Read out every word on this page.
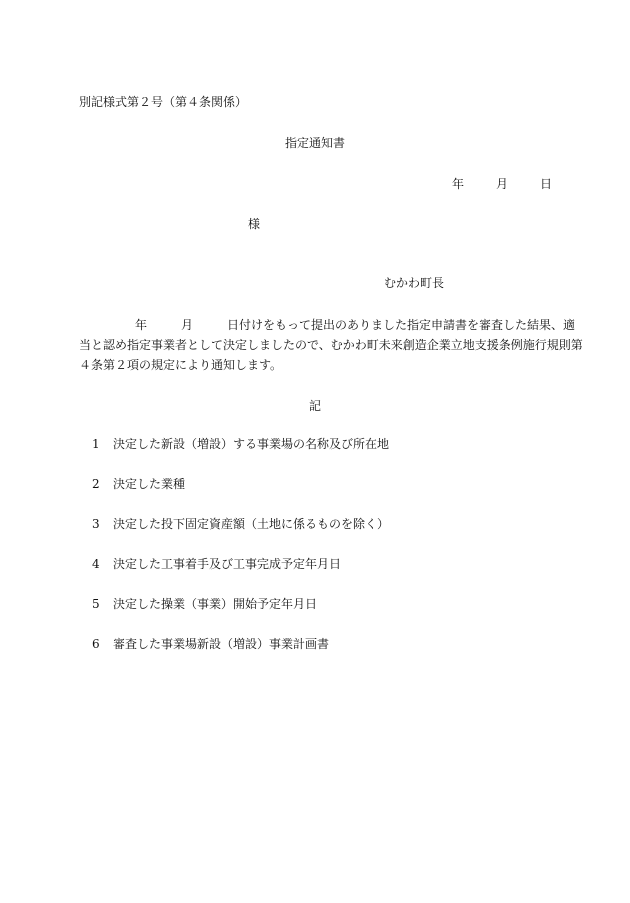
別記様式第２号（第４条関係）
指定通知書
年	月	日
様
むかわ町長
年	月	日付けをもって提出のありました指定申請書を審査した結果、適
当と認め指定事業者として決定しましたので、むかわ町未来創造企業立地支援条例施行規則第
４条第２項の規定により通知します。
記
1 決定した新設（増設）する事業場の名称及び所在地
2 決定した業種
3 決定した投下固定資産額（土地に係るものを除く）
4 決定した工事着手及び工事完成予定年月日
5 決定した操業（事業）開始予定年月日
6 審査した事業場新設（増設）事業計画書
